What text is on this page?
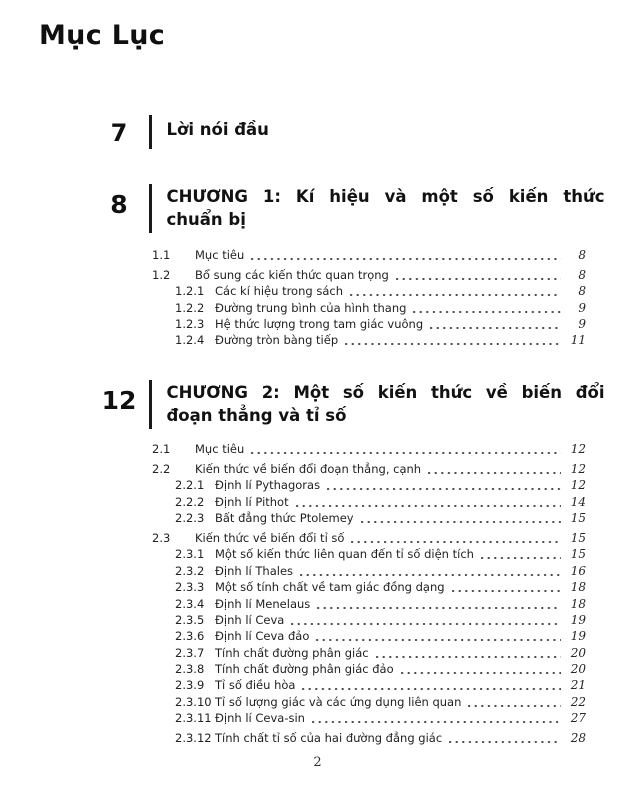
Mục Lục
7	Lời nói đầu
8	CHƯƠNG 1: Kí hiệu và một số kiến thức
chuẩn bị
1.1	Mục tiêu	8
1.2	Bổ sung các kiến thức quan trọng	8
1.2.1 Các kí hiệu trong sách	8
1.2.2 Đường trung bình của hình thang	9
1.2.3 Hệ thức lượng trong tam giác vuông	9
1.2.4 Đường tròn bàng tiếp	11
12 CHƯƠNG 2: Một số kiến thức về biến đổi
đoạn thẳng và tỉ số
2.1	Mục tiêu	12
2.2	Kiến thức về biến đổi đoạn thẳng, cạnh	12
2.2.1 Định lí Pythagoras	12
2.2.2 Định lí Pithot	14
2.2.3 Bất đẳng thức Ptolemey	15
2.3	Kiến thức về biến đổi tỉ số	15
2.3.1 Một số kiến thức liên quan đến tỉ số diện tích	15
2.3.2 Định lí Thales	16
2.3.3 Một số tính chất về tam giác đồng dạng	18
2.3.4 Định lí Menelaus	18
2.3.5 Định lí Ceva	19
2.3.6 Định lí Ceva đảo	19
2.3.7 Tính chất đường phân giác	20
2.3.8 Tính chất đường phân giác đảo	20
2.3.9 Tỉ số điều hòa	21
2.3.10 Tỉ số lượng giác và các ứng dụng liên quan	22
2.3.11 Định lí Ceva-sin	27
2.3.12 Tính chất tỉ số của hai đường đẳng giác	28
2
